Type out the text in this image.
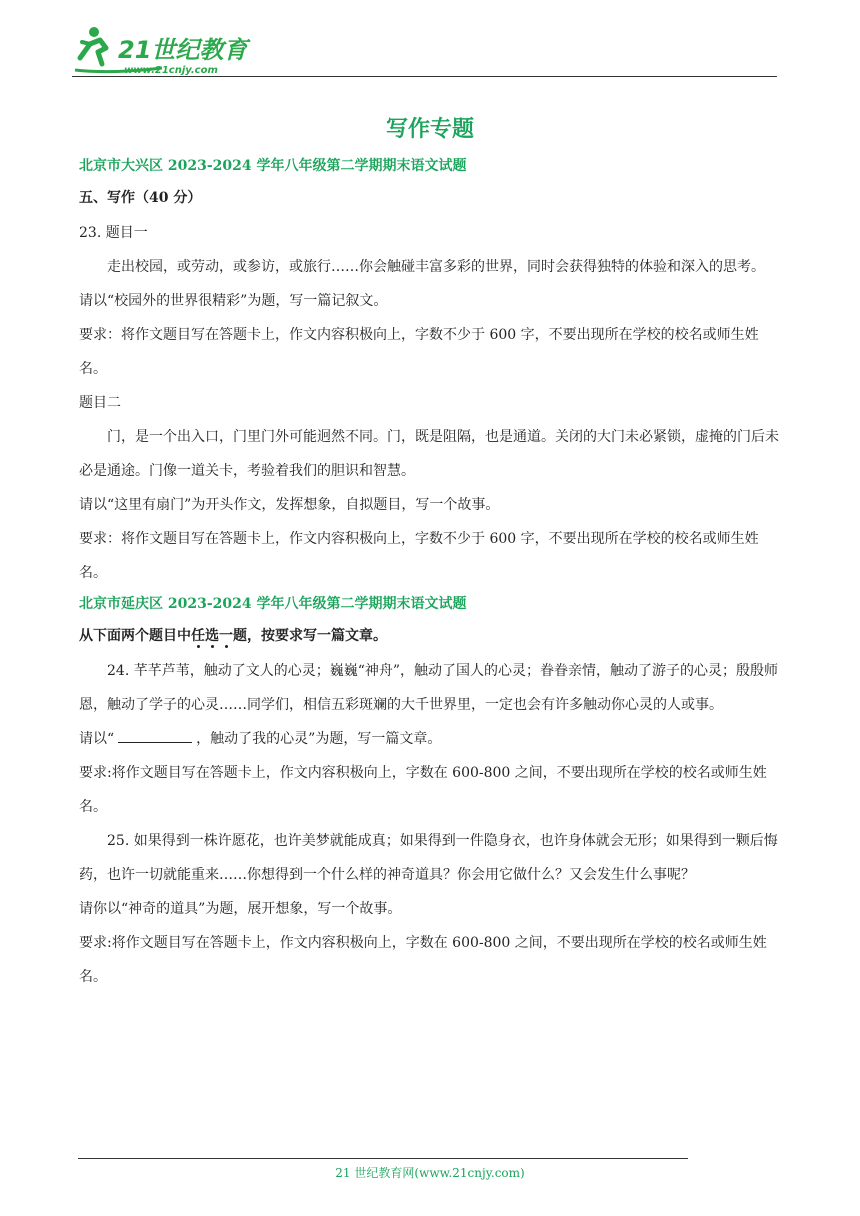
21世纪教育
www.21cnjy.com
写作专题

北京市大兴区 2023-2024 学年八年级第二学期期末语文试题

五、写作（40 分）

23. 题目一

走出校园，或劳动，或参访，或旅行……你会触碰丰富多彩的世界，同时会获得独特的体验和深入的思考。

请以“校园外的世界很精彩”为题，写一篇记叙文。

要求：将作文题目写在答题卡上，作文内容积极向上，字数不少于 600 字，不要出现所在学校的校名或师生姓名。

题目二

门，是一个出入口，门里门外可能迥然不同。门，既是阻隔，也是通道。关闭的大门未必紧锁，虚掩的门后未必是通途。门像一道关卡，考验着我们的胆识和智慧。

请以“这里有扇门”为开头作文，发挥想象，自拟题目，写一个故事。

要求：将作文题目写在答题卡上，作文内容积极向上，字数不少于 600 字，不要出现所在学校的校名或师生姓名。

北京市延庆区 2023-2024 学年八年级第二学期期末语文试题

从下面两个题目中任选一题，按要求写一篇文章。

24. 芊芊芦苇，触动了文人的心灵；巍巍“神舟”，触动了国人的心灵；眷眷亲情，触动了游子的心灵；殷殷师恩，触动了学子的心灵……同学们，相信五彩斑斓的大千世界里，一定也会有许多触动你心灵的人或事。

请以“	，触动了我的心灵”为题，写一篇文章。

要求:将作文题目写在答题卡上，作文内容积极向上，字数在 600-800 之间，不要出现所在学校的校名或师生姓名。

25. 如果得到一株许愿花，也许美梦就能成真；如果得到一件隐身衣，也许身体就会无形；如果得到一颗后悔药，也许一切就能重来……你想得到一个什么样的神奇道具？你会用它做什么？又会发生什么事呢？

请你以“神奇的道具”为题，展开想象，写一个故事。

要求:将作文题目写在答题卡上，作文内容积极向上，字数在 600-800 之间，不要出现所在学校的校名或师生姓名。

21 世纪教育网(www.21cnjy.com)
